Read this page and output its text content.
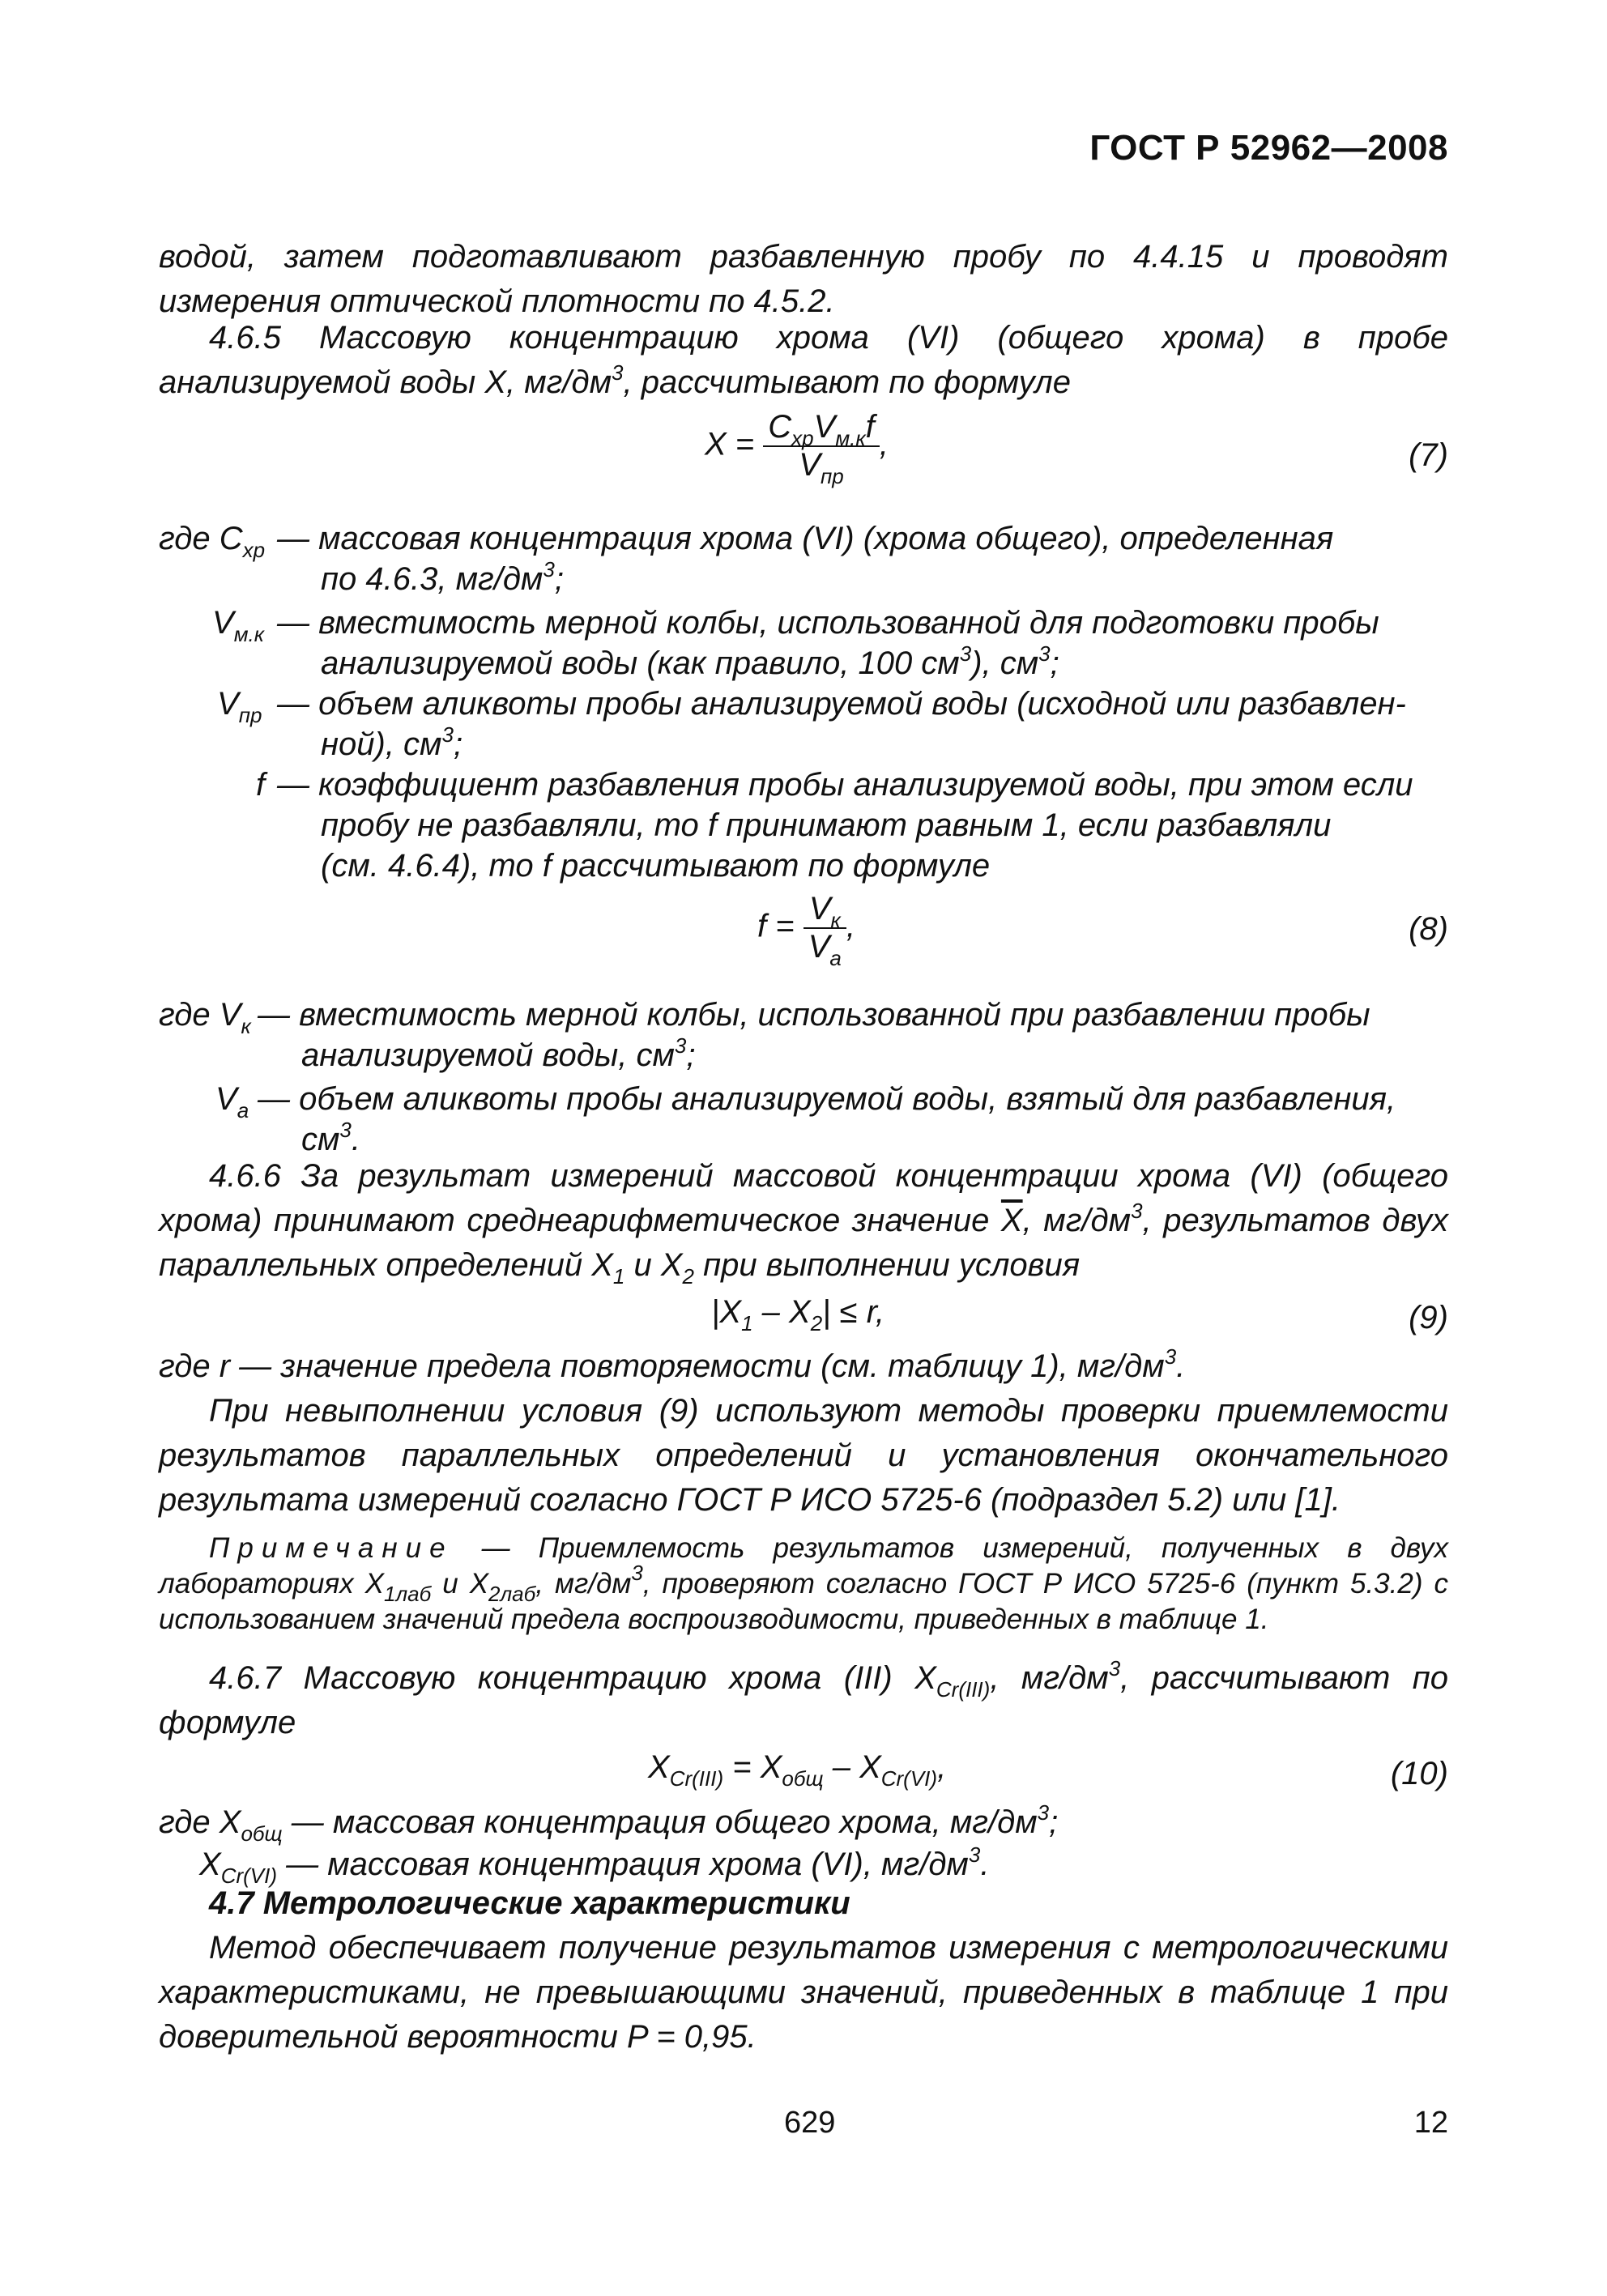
ГОСТ Р 52962—2008

водой, затем подготавливают разбавленную пробу по 4.4.15 и проводят измерения оптической плотности по 4.5.2.

4.6.5 Массовую концентрацию хрома (VI) (общего хрома) в пробе анализируемой воды X, $мг/дм^3$, рассчитывают по формуле

$X = \frac{C_{хр}V_{м.к}f}{V_{пр}}$ ,	(7)
где $C_{хр}$ — массовая концентрация хрома (VI) (хрома общего), определенная
по 4.6.3, $мг/дм^3$;
$V_{м.к}$ — вместимость мерной колбы, использованной для подготовки пробы
анализируемой воды (как правило, 100 $см^3$), $см^3$;
$V_{пр}$ — объем аликвоты пробы анализируемой воды (исходной или разбавлен-
ной), $см^3$;
f — коэффициент разбавления пробы анализируемой воды, при этом если
пробу не разбавляли, то f принимают равным 1, если разбавляли
(см. 4.6.4), то f рассчитывают по формуле
$f = \frac{V_к}{V_a}$ ,	(8)
где $V_к$ — вместимость мерной колбы, использованной при разбавлении пробы
анализируемой воды, $см^3$;
$V_a$ — объем аликвоты пробы анализируемой воды, взятый для разбавления,
$см^3$.

4.6.6 За результат измерений массовой концентрации хрома (VI) (общего хрома) принимают среднеарифметическое значение $\overline{X}$, $мг/дм^3$, результатов двух параллельных определений $X_1$ и $X_2$ при выполнении условия

$|X_1 - X_2| \le r$,	(9)

где r — значение предела повторяемости (см. таблицу 1), $мг/дм^3$.

При невыполнении условия (9) используют методы проверки приемлемости результатов параллельных определений и установления окончательного результата измерений согласно ГОСТ Р ИСО 5725-6 (подраздел 5.2) или [1].

Примечание — Приемлемость результатов измерений, полученных в двух лабораториях $X_{1лаб}$ и $X_{2лаб}$, $мг/дм^3$, проверяют согласно ГОСТ Р ИСО 5725-6 (пункт 5.3.2) с использованием значений предела воспроизводимости, приведенных в таблице 1.

4.6.7 Массовую концентрацию хрома (III) $X_{Cr(III)}$, $мг/дм^3$, рассчитывают по формуле

$X_{Cr(III)} = X_{общ} - X_{Cr(VI)}$,	(10)
где $X_{общ}$ — массовая концентрация общего хрома, $мг/дм^3$;
$X_{Cr(VI)}$ — массовая концентрация хрома (VI), $мг/дм^3$.

4.7 Метрологические характеристики

Метод обеспечивает получение результатов измерения с метрологическими характеристиками, не превышающими значений, приведенных в таблице 1 при доверительной вероятности P = 0,95.

629	12
